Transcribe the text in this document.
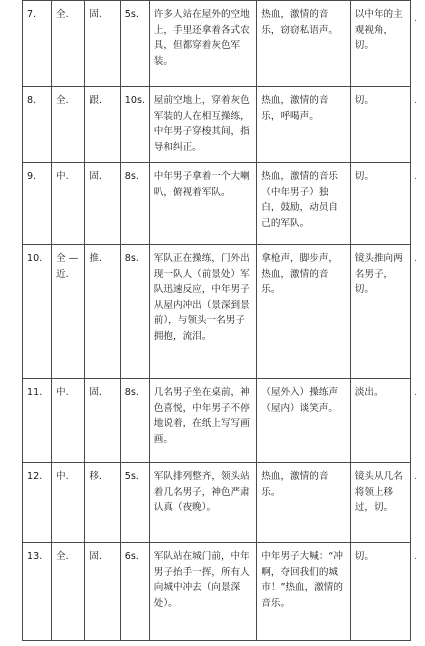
7.	全.	固.	5s.	许多人站在屋外的空地上，手里还拿着各式农具，但都穿着灰色军装。	热血，激情的音乐，窃窃私语声。	以中年的主观视角，切。
8.	全.	跟.	10s.	屋前空地上，穿着灰色军装的人在相互操练，中年男子穿梭其间，指导和纠正。	热血，激情的音乐，呼喝声。	切。
9.	中.	固.	8s.	中年男子拿着一个大喇叭，俯视着军队。	热血，激情的音乐（中年男子）独白，鼓励，动员自己的军队。	切。
10.	全 — 近.	推.	8s.	军队正在操练，门外出现一队人（前景处）军队迅速反应，中年男子从屋内冲出（景深到景前），与领头一名男子拥抱，流泪。	拿枪声，脚步声，热血，激情的音乐。	镜头推向两名男子，切。
11.	中.	固.	8s.	几名男子坐在桌前，神色喜悦，中年男子不停地说着，在纸上写写画画。	（屋外入）操练声（屋内）谈笑声。	淡出。
12.	中.	移.	5s.	军队排列整齐，领头站着几名男子，神色严肃认真（夜晚）。	热血，激情的音乐。	镜头从几名将领上移过，切。
13.	全.	固.	6s.	军队站在城门前，中年男子抬手一挥，所有人向城中冲去（向景深处）。	中年男子大喊：“冲啊，夺回我们的城市！”热血，激情的音乐。	切。
.
.
.
.
.
.
.
